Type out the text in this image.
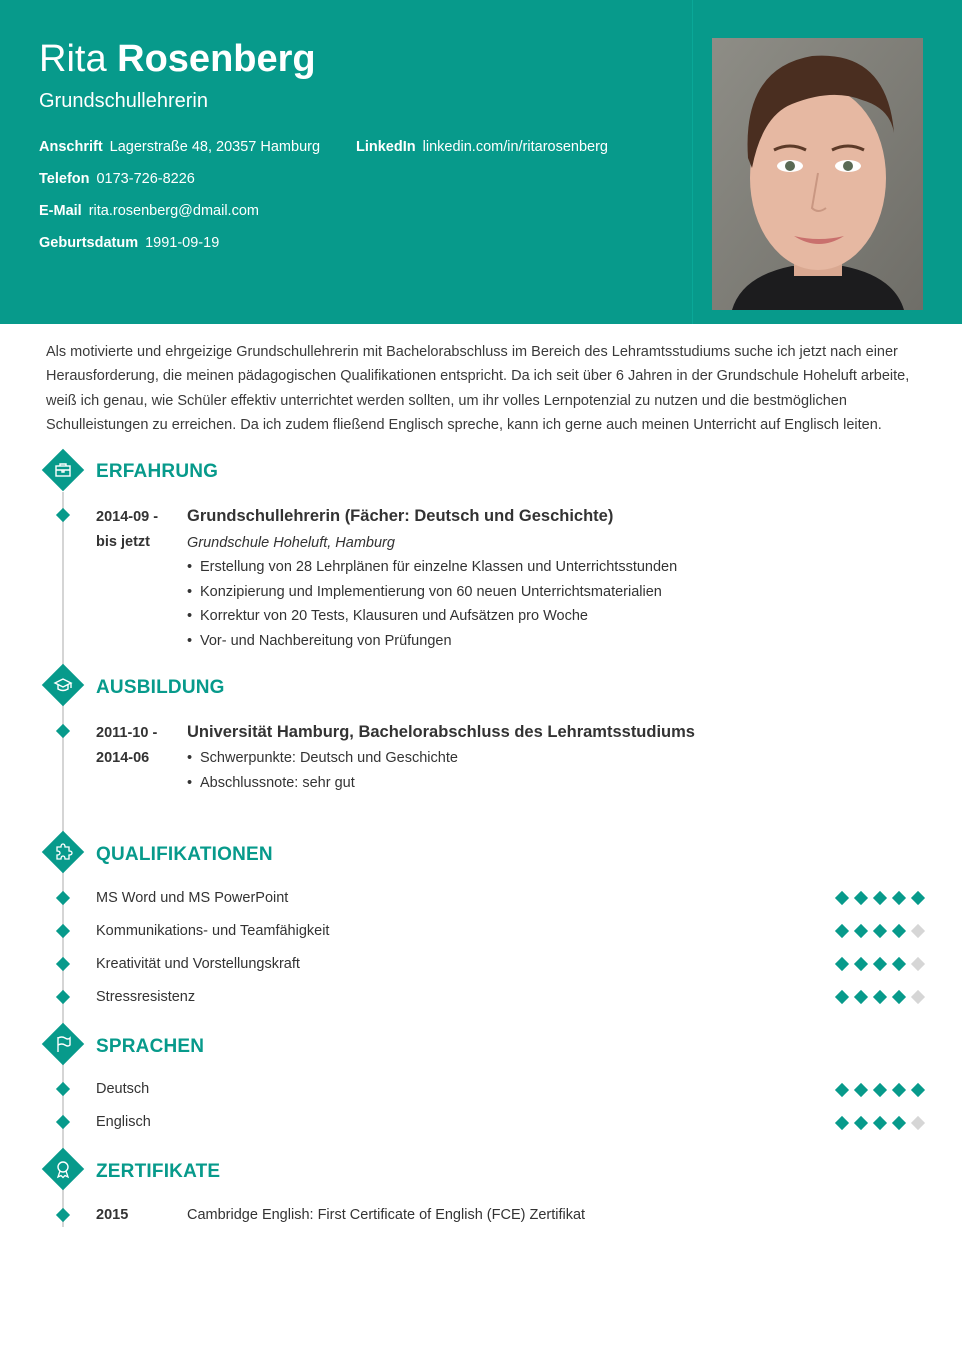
Rita Rosenberg
Grundschullehrerin
Anschrift Lagerstraße 48, 20357 Hamburg LinkedIn linkedin.com/in/ritarosenberg
Telefon 0173-726-8226
E-Mail rita.rosenberg@dmail.com
Geburtsdatum 1991-09-19
Als motivierte und ehrgeizige Grundschullehrerin mit Bachelorabschluss im Bereich des Lehramtsstudiums suche ich jetzt nach einer Herausforderung, die meinen pädagogischen Qualifikationen entspricht. Da ich seit über 6 Jahren in der Grundschule Hoheluft arbeite, weiß ich genau, wie Schüler effektiv unterrichtet werden sollten, um ihr volles Lernpotenzial zu nutzen und die bestmöglichen Schulleistungen zu erreichen. Da ich zudem fließend Englisch spreche, kann ich gerne auch meinen Unterricht auf Englisch leiten.
ERFAHRUNG
2014-09 -
bis jetzt
Grundschullehrerin (Fächer: Deutsch und Geschichte)
Grundschule Hoheluft, Hamburg
• Erstellung von 28 Lehrplänen für einzelne Klassen und Unterrichtsstunden
• Konzipierung und Implementierung von 60 neuen Unterrichtsmaterialien
• Korrektur von 20 Tests, Klausuren und Aufsätzen pro Woche
• Vor- und Nachbereitung von Prüfungen
AUSBILDUNG
2011-10 -
2014-06
Universität Hamburg, Bachelorabschluss des Lehramtsstudiums
• Schwerpunkte: Deutsch und Geschichte
• Abschlussnote: sehr gut
QUALIFIKATIONEN
MS Word und MS PowerPoint
Kommunikations- und Teamfähigkeit
Kreativität und Vorstellungskraft
Stressresistenz
SPRACHEN
Deutsch
Englisch
ZERTIFIKATE
2015	Cambridge English: First Certificate of English (FCE) Zertifikat
